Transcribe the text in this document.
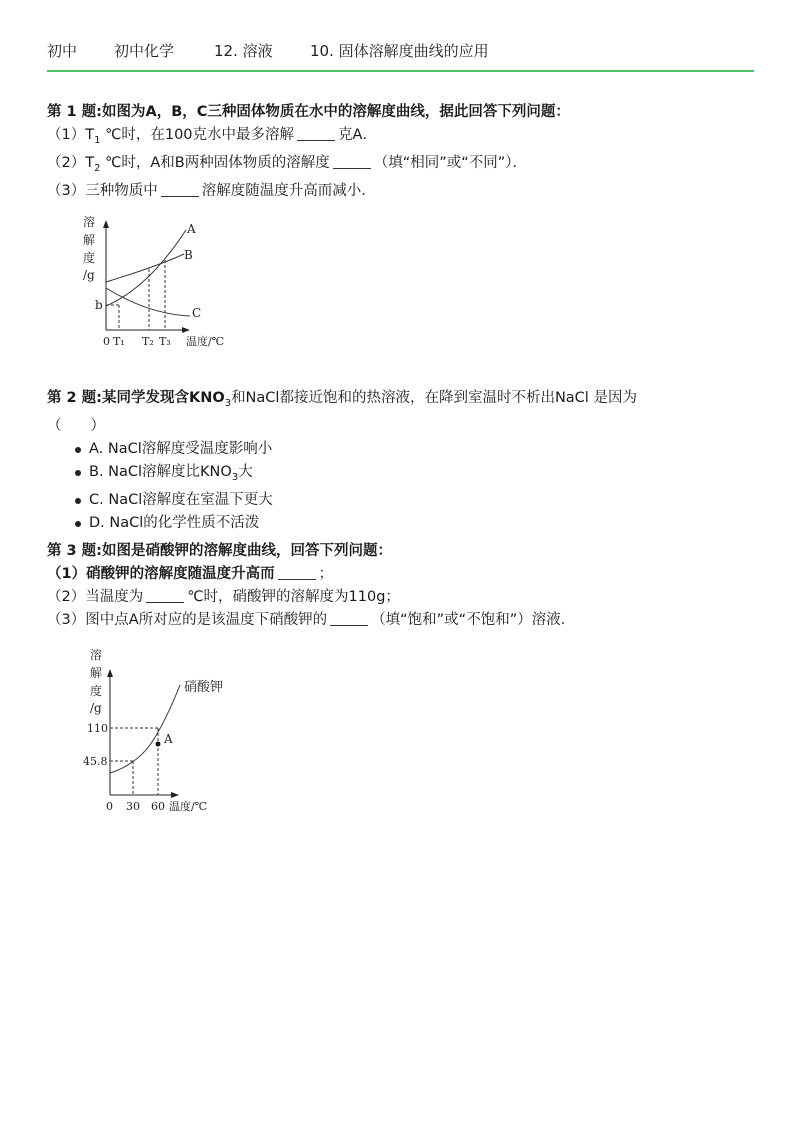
初中 初中化学	12. 溶液 10. 固体溶解度曲线的应用
第 1 题:如图为A，B，C三种固体物质在水中的溶解度曲线，据此回答下列问题：
$(1)T_1$ ℃时，在100克水中最多溶解	克A．
$(2)T_2$ ℃时，A和B两种固体物质的溶解度	（填“相同”或“不同”）．
（3）三种物质中	溶解度随温度升高而减小．
溶
解
度
/g
A
B
C
b
0 T₁ T₂ T₃ 温度/℃
第 2 题:某同学发现含$KNO_3$和NaCl都接近饱和的热溶液，在降到室温时不析出NaCl 是因为
（　　）
A. NaCl溶解度受温度影响小
B. NaCl溶解度比$KNO_3$大
C. NaCl溶解度在室温下更大
D. NaCl的化学性质不活泼
第 3 题:如图是硝酸钾的溶解度曲线，回答下列问题：
（1）硝酸钾的溶解度随温度升高而	；
（2）当温度为	℃时，硝酸钾的溶解度为110g；
（3）图中点A所对应的是该温度下硝酸钾的	（填“饱和”或“不饱和”）溶液．
溶
解
度
/g
A
硝酸钾
110
45.8
0 30 60 温度/℃
